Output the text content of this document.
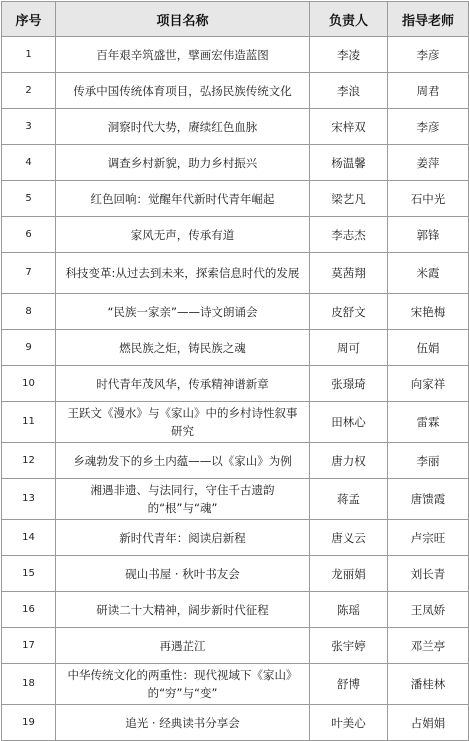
序号	项目名称	负责人	指导老师
1	百年艰辛筑盛世，擘画宏伟造蓝图	李凌	李彦
2	传承中国传统体育项目，弘扬民族传统文化	李浪	周君
3	洞察时代大势，赓续红色血脉	宋梓双	李彦
4	调查乡村新貌，助力乡村振兴	杨温馨	姜萍
5	红色回响：觉醒年代新时代青年崛起	梁艺凡	石中光
6	家风无声，传承有道	李志杰	郭锋
7	科技变革:从过去到未来，探索信息时代的发展	莫茜翔	米霞
8	“民族一家亲”——诗文朗诵会	皮舒文	宋艳梅
9	燃民族之炬，铸民族之魂	周可	伍娟
10	时代青年茂风华，传承精神谱新章	张璟琦	向家祥
11	王跃文《漫水》与《家山》中的乡村诗性叙事研究	田林心	雷霖
12	乡魂勃发下的乡土内蕴——以《家山》为例	唐力权	李丽
13	湘遇非遗、与法同行，守住千古遗韵的“根”与“魂”	蒋孟	唐馈霞
14	新时代青年：阅读启新程	唐义云	卢宗旺
15	砚山书屋 · 秋叶书友会	龙丽娟	刘长青
16	研读二十大精神，阔步新时代征程	陈瑶	王凤娇
17	再遇芷江	张宇婷	邓兰亭
18	中华传统文化的两重性：现代视域下《家山》的“穷”与“变”	舒博	潘桂林
19	追光 · 经典读书分享会	叶美心	占娟娟
